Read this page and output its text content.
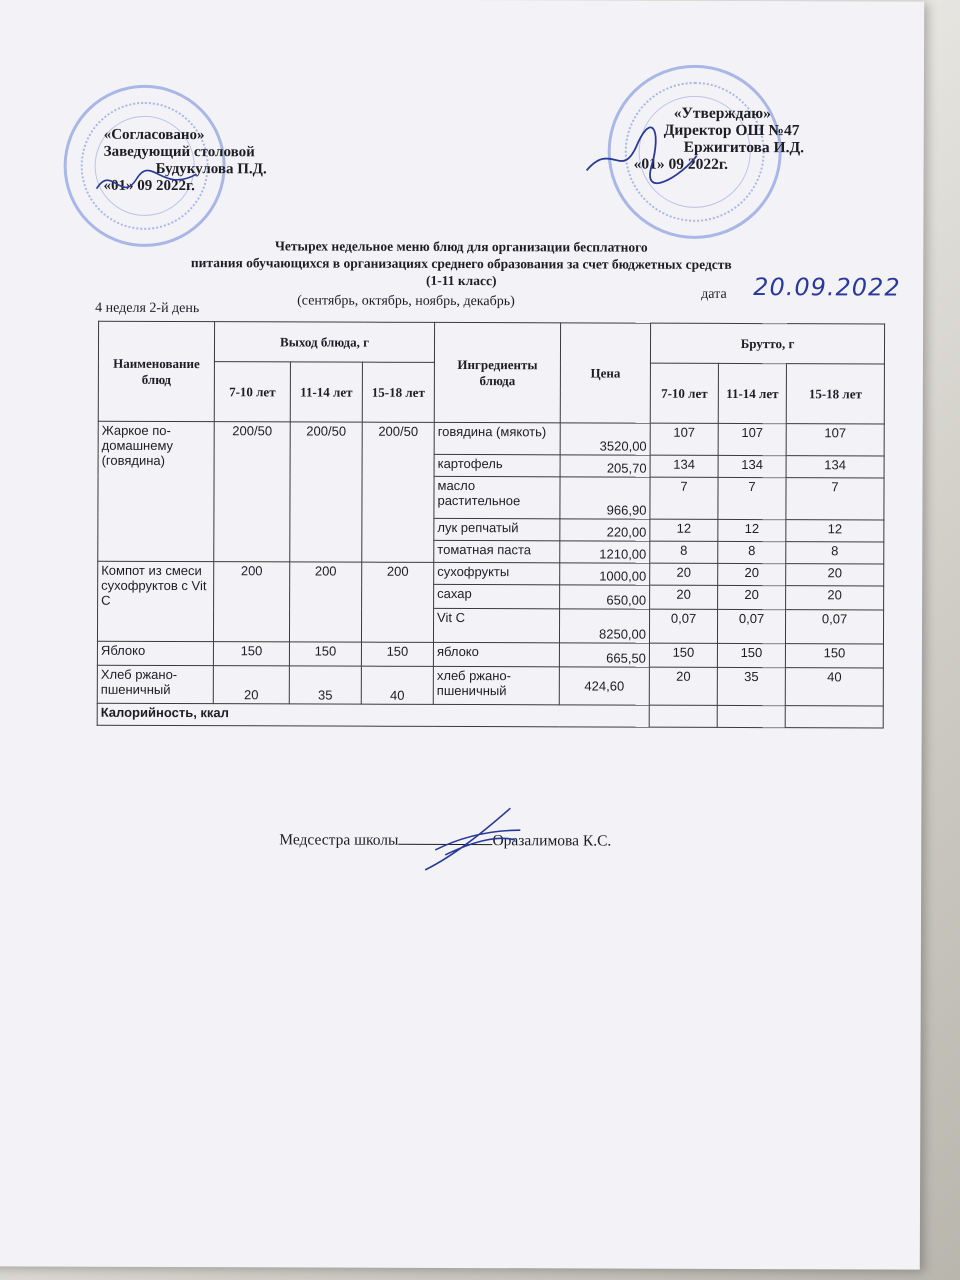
«Согласовано»
Заведующий столовой
Будукулова П.Д.
«01» 09 2022г.
«Утверждаю»
Директор ОШ №47
Ержигитова И.Д.
«01» 09 2022г.
Четырех недельное меню блюд для организации бесплатного
питания обучающихся в организациях среднего образования за счет бюджетных средств
(1-11 класс)
4 неделя 2-й день	(сентябрь, октябрь, ноябрь, декабрь)	дата 20.09.2022
Наименование блюд	Выход блюда, г			Ингредиенты блюда	Цена	Брутто, г		
	7-10 лет	11-14 лет	15-18 лет			7-10 лет	11-14 лет	15-18 лет
Жаркое по-домашнему (говядина)	200/50	200/50	200/50	говядина (мякоть)	3520,00	107	107	107
				картофель	205,70	134	134	134
				масло растительное	966,90	7	7	7
				лук репчатый	220,00	12	12	12
				томатная паста	1210,00	8	8	8
Компот из смеси сухофруктов с Vit C	200	200	200	сухофрукты	1000,00	20	20	20
				сахар	650,00	20	20	20
				Vit C	8250,00	0,07	0,07	0,07
Яблоко	150	150	150	яблоко	665,50	150	150	150
Хлеб ржано-пшеничный	20	35	40	хлеб ржано-пшеничный	424,60	20	35	40
Калорийность, ккал								
Медсестра школы	Оразалимова К.С.
